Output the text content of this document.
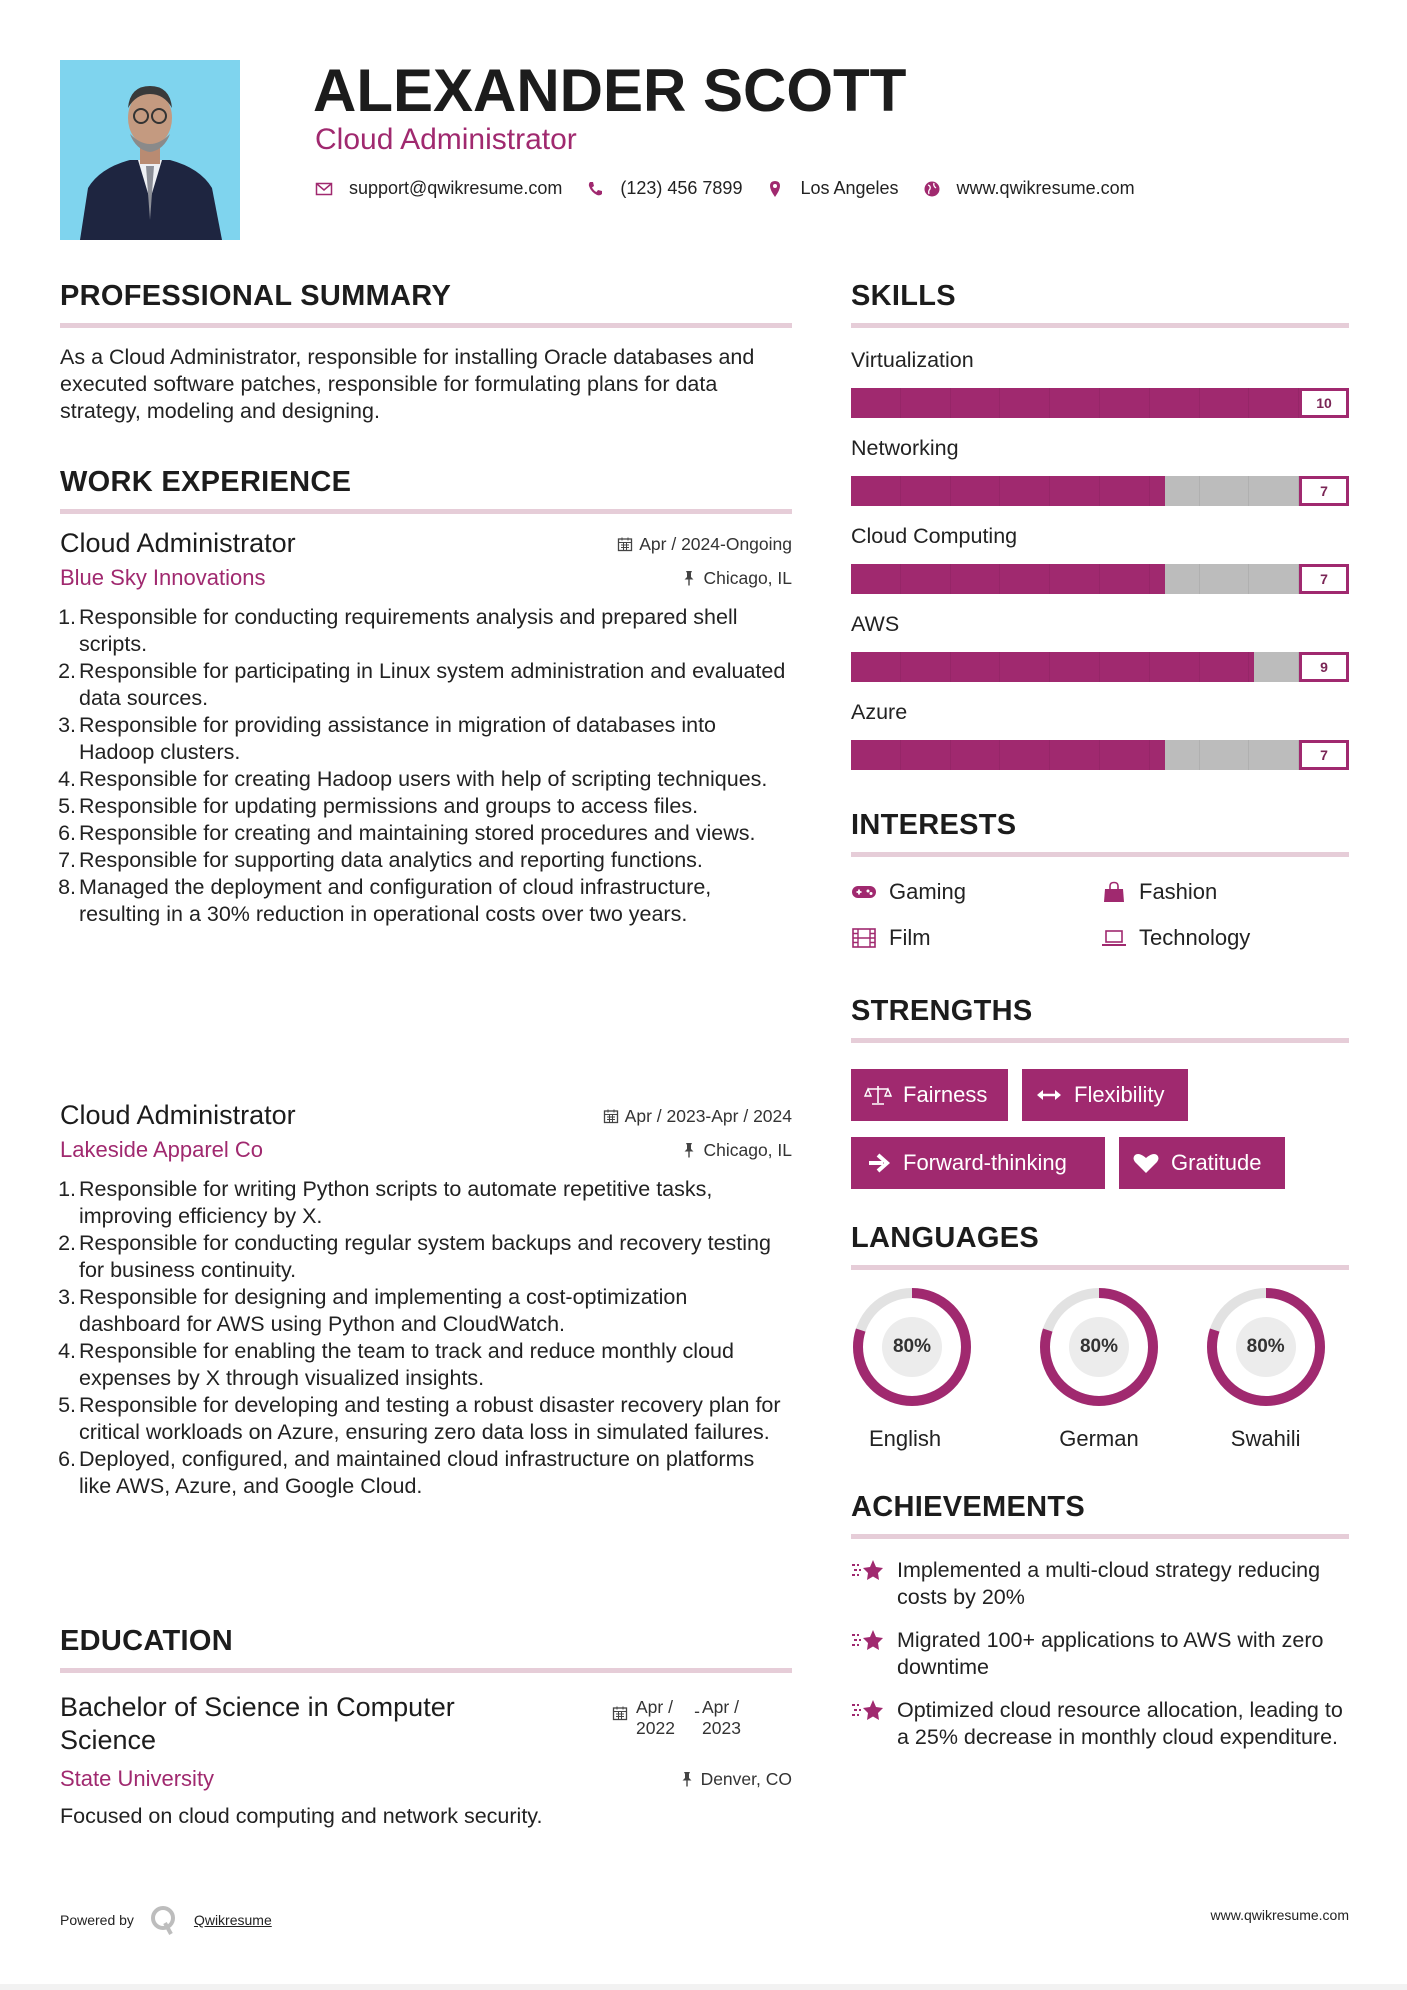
ALEXANDER SCOTT
Cloud Administrator
support@qwikresume.com	(123) 456 7899	Los Angeles	www.qwikresume.com
PROFESSIONAL SUMMARY
As a Cloud Administrator, responsible for installing Oracle databases and executed software patches, responsible for formulating plans for data strategy, modeling and designing.
WORK EXPERIENCE
Cloud Administrator	Apr / 2024-Ongoing
Blue Sky Innovations	Chicago, IL
1. Responsible for conducting requirements analysis and prepared shell scripts.
2. Responsible for participating in Linux system administration and evaluated data sources.
3. Responsible for providing assistance in migration of databases into Hadoop clusters.
4. Responsible for creating Hadoop users with help of scripting techniques.
5. Responsible for updating permissions and groups to access files.
6. Responsible for creating and maintaining stored procedures and views.
7. Responsible for supporting data analytics and reporting functions.
8. Managed the deployment and configuration of cloud infrastructure, resulting in a 30% reduction in operational costs over two years.
Cloud Administrator	Apr / 2023-Apr / 2024
Lakeside Apparel Co	Chicago, IL
1. Responsible for writing Python scripts to automate repetitive tasks, improving efficiency by X.
2. Responsible for conducting regular system backups and recovery testing for business continuity.
3. Responsible for designing and implementing a cost-optimization dashboard for AWS using Python and CloudWatch.
4. Responsible for enabling the team to track and reduce monthly cloud expenses by X through visualized insights.
5. Responsible for developing and testing a robust disaster recovery plan for critical workloads on Azure, ensuring zero data loss in simulated failures.
6. Deployed, configured, and maintained cloud infrastructure on platforms like AWS, Azure, and Google Cloud.
EDUCATION
Bachelor of Science in Computer Science
Apr / 2022
- Apr / 2023
State University	Denver, CO
Focused on cloud computing and network security.
SKILLS
Virtualization
10
Networking
7
Cloud Computing
7
AWS
9
Azure
7
INTERESTS
Gaming	Fashion
Film	Technology
STRENGTHS
Fairness	Flexibility
Forward-thinking	Gratitude
LANGUAGES
80%
English
80%
German
80%
Swahili
ACHIEVEMENTS
Implemented a multi-cloud strategy reducing costs by 20%
Migrated 100+ applications to AWS with zero downtime
Optimized cloud resource allocation, leading to a 25% decrease in monthly cloud expenditure.
Powered by	Qwikresume	www.qwikresume.com
